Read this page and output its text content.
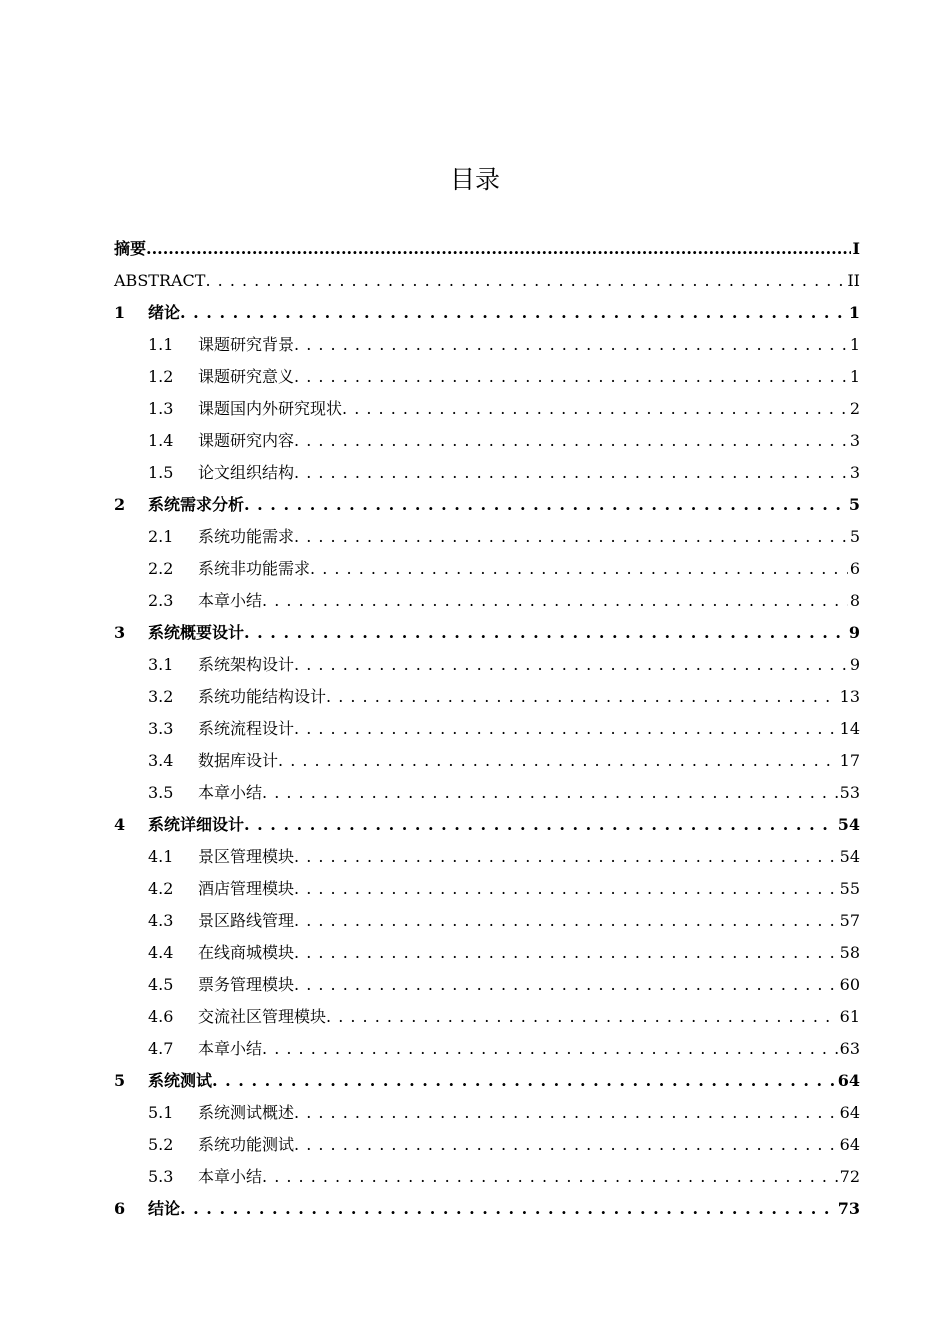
目录
摘要 .....	I
ABSTRACT . . .	II
1	绪论 . . .	1
1.1	课题研究背景 . . .	1
1.2	课题研究意义 . . .	1
1.3	课题国内外研究现状 . . .	2
1.4	课题研究内容 . . .	3
1.5	论文组织结构 . . .	3
2	系统需求分析 . . .	5
2.1	系统功能需求 . . .	5
2.2	系统非功能需求 . . .	6
2.3	本章小结 . . .	8
3	系统概要设计 . . .	9
3.1	系统架构设计 . . .	9
3.2	系统功能结构设计 . . .	13
3.3	系统流程设计 . . .	14
3.4	数据库设计 . . .	17
3.5	本章小结 . . .	53
4	系统详细设计 . . .	54
4.1	景区管理模块 . . .	54
4.2	酒店管理模块 . . .	55
4.3	景区路线管理 . . .	57
4.4	在线商城模块 . . .	58
4.5	票务管理模块 . . .	60
4.6	交流社区管理模块 . . .	61
4.7	本章小结 . . .	63
5	系统测试 . . .	64
5.1	系统测试概述 . . .	64
5.2	系统功能测试 . . .	64
5.3	本章小结 . . .	72
6	结论 . . .	73
